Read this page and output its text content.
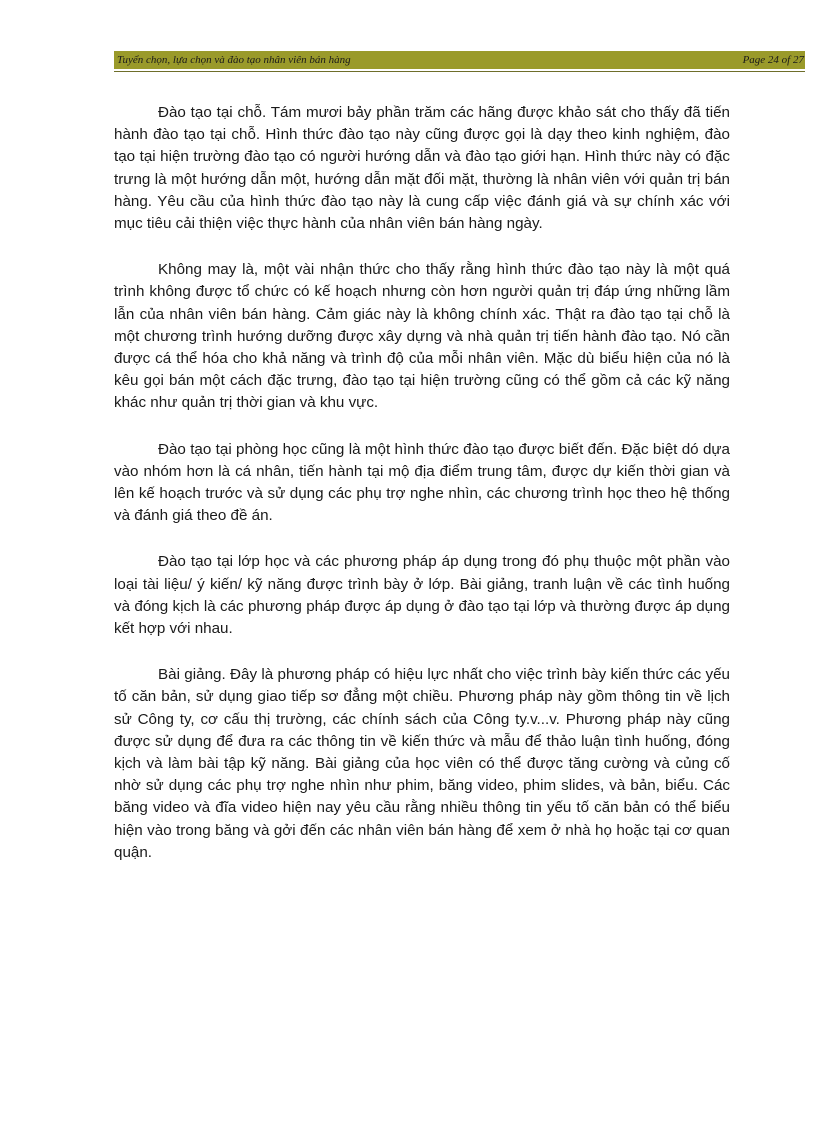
Tuyển chọn, lựa chọn và đào tạo nhân viên bán hàng	Page 24 of 27

Đào tạo tại chỗ. Tám mươi bảy phần trăm các hãng được khảo sát cho thấy đã tiến hành đào tạo tại chỗ. Hình thức đào tạo này cũng được gọi là dạy theo kinh nghiệm, đào tạo tại hiện trường đào tạo có người hướng dẫn và đào tạo giới hạn. Hình thức này có đặc trưng là một hướng dẫn một, hướng dẫn mặt đối mặt, thường là nhân viên với quản trị bán hàng. Yêu cầu của hình thức đào tạo này là cung cấp việc đánh giá và sự chính xác với mục tiêu cải thiện việc thực hành của nhân viên bán hàng ngày.

Không may là, một vài nhận thức cho thấy rằng hình thức đào tạo này là một quá trình không được tổ chức có kế hoạch nhưng còn hơn người quản trị đáp ứng những lầm lẫn của nhân viên bán hàng. Cảm giác này là không chính xác. Thật ra đào tạo tại chỗ là một chương trình hướng dưỡng được xây dựng và nhà quản trị tiến hành đào tạo. Nó cần được cá thể hóa cho khả năng và trình độ của mỗi nhân viên. Mặc dù biểu hiện của nó là kêu gọi bán một cách đặc trưng, đào tạo tại hiện trường cũng có thể gồm cả các kỹ năng khác như quản trị thời gian và khu vực.

Đào tạo tại phòng học cũng là một hình thức đào tạo được biết đến. Đặc biệt dó dựa vào nhóm hơn là cá nhân, tiến hành tại mộ địa điểm trung tâm, được dự kiến thời gian và lên kế hoạch trước và sử dụng các phụ trợ nghe nhìn, các chương trình học theo hệ thống và đánh giá theo đề án.

Đào tạo tại lớp học và các phương pháp áp dụng trong đó phụ thuộc một phần vào loại tài liệu/ ý kiến/ kỹ năng được trình bày ở lớp. Bài giảng, tranh luận về các tình huống và đóng kịch là các phương pháp được áp dụng ở đào tạo tại lớp và thường được áp dụng kết hợp với nhau.

Bài giảng. Đây là phương pháp có hiệu lực nhất cho việc trình bày kiến thức các yếu tố căn bản, sử dụng giao tiếp sơ đẳng một chiều. Phương pháp này gồm thông tin về lịch sử Công ty, cơ cấu thị trường, các chính sách của Công ty.v...v. Phương pháp này cũng được sử dụng để đưa ra các thông tin về kiến thức và mẫu để thảo luận tình huống, đóng kịch và làm bài tập kỹ năng. Bài giảng của học viên có thể được tăng cường và củng cố nhờ sử dụng các phụ trợ nghe nhìn như phim, băng video, phim slides, và bản, biểu. Các băng video và đĩa video hiện nay yêu cầu rằng nhiều thông tin yếu tố căn bản có thể biểu hiện vào trong băng và gởi đến các nhân viên bán hàng để xem ở nhà họ hoặc tại cơ quan quận.
